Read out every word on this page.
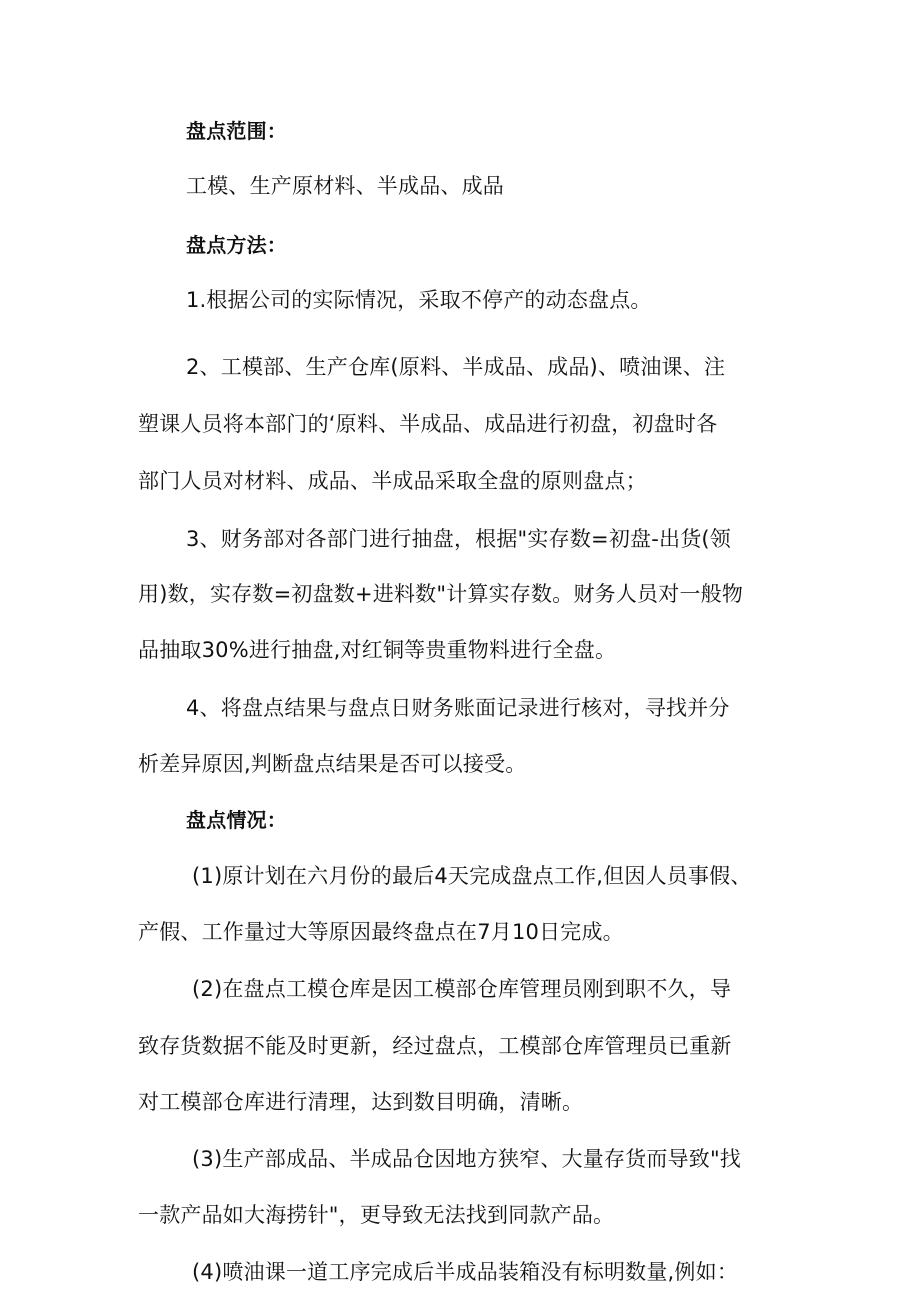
盘点范围：
工模、生产原材料、半成品、成品
盘点方法：
1.根据公司的实际情况，采取不停产的动态盘点。
2、工模部、生产仓库(原料、半成品、成品)、喷油课、注
塑课人员将本部门的‘原料、半成品、成品进行初盘，初盘时各
部门人员对材料、成品、半成品采取全盘的原则盘点；
3、财务部对各部门进行抽盘，根据"实存数=初盘-出货(领
用)数，实存数=初盘数+进料数"计算实存数。财务人员对一般物
品抽取30%进行抽盘,对红铜等贵重物料进行全盘。
4、将盘点结果与盘点日财务账面记录进行核对，寻找并分
析差异原因,判断盘点结果是否可以接受。
盘点情况：
(1)原计划在六月份的最后4天完成盘点工作,但因人员事假、
产假、工作量过大等原因最终盘点在7月10日完成。
(2)在盘点工模仓库是因工模部仓库管理员刚到职不久，导
致存货数据不能及时更新，经过盘点，工模部仓库管理员已重新
对工模部仓库进行清理，达到数目明确，清晰。
(3)生产部成品、半成品仓因地方狭窄、大量存货而导致"找
一款产品如大海捞针"，更导致无法找到同款产品。
(4)喷油课一道工序完成后半成品装箱没有标明数量,例如：
